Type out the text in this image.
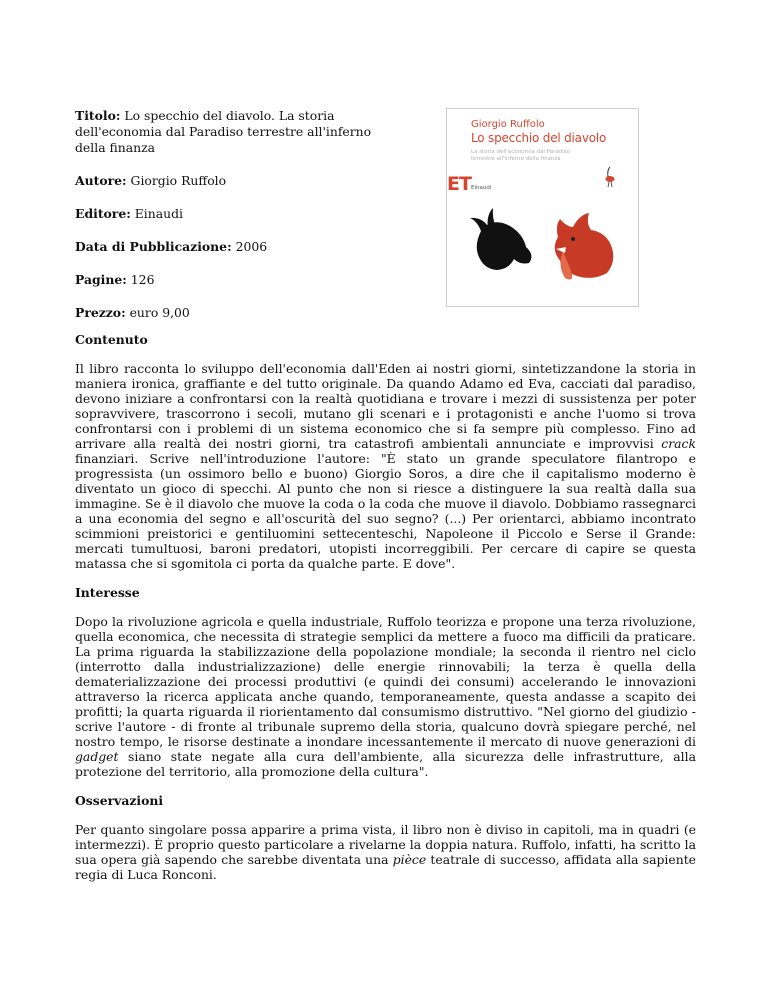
Titolo: Lo specchio del diavolo. La storia dell'economia dal Paradiso terrestre all'inferno della finanza

Autore: Giorgio Ruffolo

Editore: Einaudi

Data di Pubblicazione: 2006

Pagine: 126

Prezzo: euro 9,00

Giorgio Ruffolo
Lo specchio del diavolo
La storia dell'economia dal Paradiso terrestre all'inferno della finanza
ET Einaudi
Contenuto

Il libro racconta lo sviluppo dell'economia dall'Eden ai nostri giorni, sintetizzandone la storia in maniera ironica, graffiante e del tutto originale. Da quando Adamo ed Eva, cacciati dal paradiso, devono iniziare a confrontarsi con la realtà quotidiana e trovare i mezzi di sussistenza per poter sopravvivere, trascorrono i secoli, mutano gli scenari e i protagonisti e anche l'uomo si trova confrontarsi con i problemi di un sistema economico che si fa sempre più complesso. Fino ad arrivare alla realtà dei nostri giorni, tra catastrofi ambientali annunciate e improvvisi crack finanziari. Scrive nell'introduzione l'autore: "È stato un grande speculatore filantropo e progressista (un ossimoro bello e buono) Giorgio Soros, a dire che il capitalismo moderno è diventato un gioco di specchi. Al punto che non si riesce a distinguere la sua realtà dalla sua immagine. Se è il diavolo che muove la coda o la coda che muove il diavolo. Dobbiamo rassegnarci a una economia del segno e all'oscurità del suo segno? (...) Per orientarci, abbiamo incontrato scimmioni preistorici e gentiluomini settecenteschi, Napoleone il Piccolo e Serse il Grande: mercati tumultuosi, baroni predatori, utopisti incorreggibili. Per cercare di capire se questa matassa che si sgomitola ci porta da qualche parte. E dove".

Interesse

Dopo la rivoluzione agricola e quella industriale, Ruffolo teorizza e propone una terza rivoluzione, quella economica, che necessita di strategie semplici da mettere a fuoco ma difficili da praticare. La prima riguarda la stabilizzazione della popolazione mondiale; la seconda il rientro nel ciclo (interrotto dalla industrializzazione) delle energie rinnovabili; la terza è quella della dematerializzazione dei processi produttivi (e quindi dei consumi) accelerando le innovazioni attraverso la ricerca applicata anche quando, temporaneamente, questa andasse a scapito dei profitti; la quarta riguarda il riorientamento dal consumismo distruttivo. "Nel giorno del giudizio - scrive l'autore - di fronte al tribunale supremo della storia, qualcuno dovrà spiegare perché, nel nostro tempo, le risorse destinate a inondare incessantemente il mercato di nuove generazioni di gadget siano state negate alla cura dell'ambiente, alla sicurezza delle infrastrutture, alla protezione del territorio, alla promozione della cultura".

Osservazioni

Per quanto singolare possa apparire a prima vista, il libro non è diviso in capitoli, ma in quadri (e intermezzi). È proprio questo particolare a rivelarne la doppia natura. Ruffolo, infatti, ha scritto la sua opera già sapendo che sarebbe diventata una pièce teatrale di successo, affidata alla sapiente regia di Luca Ronconi.
